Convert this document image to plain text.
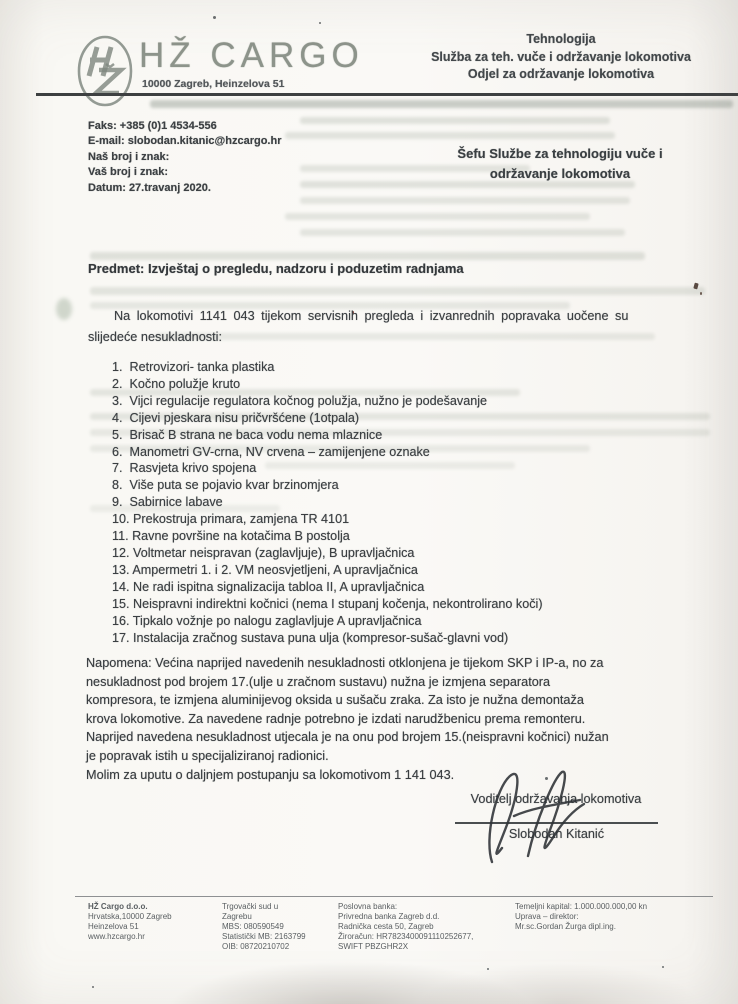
HŽ CARGO
10000 Zagreb, Heinzelova 51
Tehnologija
Služba za teh. vuče i održavanje lokomotiva
Odjel za održavanje lokomotiva
Faks: +385 (0)1 4534-556
E-mail: slobodan.kitanic@hzcargo.hr
Naš broj i znak:
Vaš broj i znak:
Datum: 27.travanj 2020.
Šefu Službe za tehnologiju vuče i
održavanje lokomotiva
Predmet: Izvještaj o pregledu, nadzoru i poduzetim radnjama
Na lokomotivi 1141 043 tijekom servisnih pregleda i izvanrednih popravaka uočene su
slijedeće nesukladnosti:
Retrovizori- tanka plastika
Kočno polužje kruto
Vijci regulacije regulatora kočnog polužja, nužno je podešavanje
Cijevi pjeskara nisu pričvršćene (1otpala)
Brisač B strana ne baca vodu nema mlaznice
Manometri GV-crna, NV crvena – zamijenjene oznake
Rasvjeta krivo spojena
Više puta se pojavio kvar brzinomjera
Sabirnice labave
Prekostruja primara, zamjena TR 4101
Ravne površine na kotačima B postolja
Voltmetar neispravan (zaglavljuje), B upravljačnica
Ampermetri 1. i 2. VM neosvjetljeni, A upravljačnica
Ne radi ispitna signalizacija tabloa II, A upravljačnica
Neispravni indirektni kočnici (nema I stupanj kočenja, nekontrolirano koči)
Tipkalo vožnje po nalogu zaglavljuje A upravljačnica
Instalacija zračnog sustava puna ulja (kompresor-sušač-glavni vod)
Napomena: Većina naprijed navedenih nesukladnosti otklonjena je tijekom SKP i IP-a, no za
nesukladnost pod brojem 17.(ulje u zračnom sustavu) nužna je izmjena separatora
kompresora, te izmjena aluminijevog oksida u sušaču zraka. Za isto je nužna demontaža
krova lokomotive. Za navedene radnje potrebno je izdati narudžbenicu prema remonteru.
Naprijed navedena nesukladnost utjecala je na onu pod brojem 15.(neispravni kočnici) nužan
je popravak istih u specijaliziranoj radionici.
Molim za uputu o daljnjem postupanju sa lokomotivom 1 141 043.
Voditelj održavanja lokomotiva
Slobodan Kitanić
HŽ Cargo d.o.o.
Hrvatska,10000 Zagreb
Heinzelova 51
www.hzcargo.hr
Trgovački sud u
Zagrebu
MBS: 080590549
Statistički MB: 2163799
OIB: 08720210702
Poslovna banka:
Privredna banka Zagreb d.d.
Radnička cesta 50, Zagreb
Žiroračun: HR7823400091110252677,
SWIFT PBZGHR2X
Temeljni kapital: 1.000.000.000,00 kn
Uprava – direktor:
Mr.sc.Gordan Žurga dipl.ing.
